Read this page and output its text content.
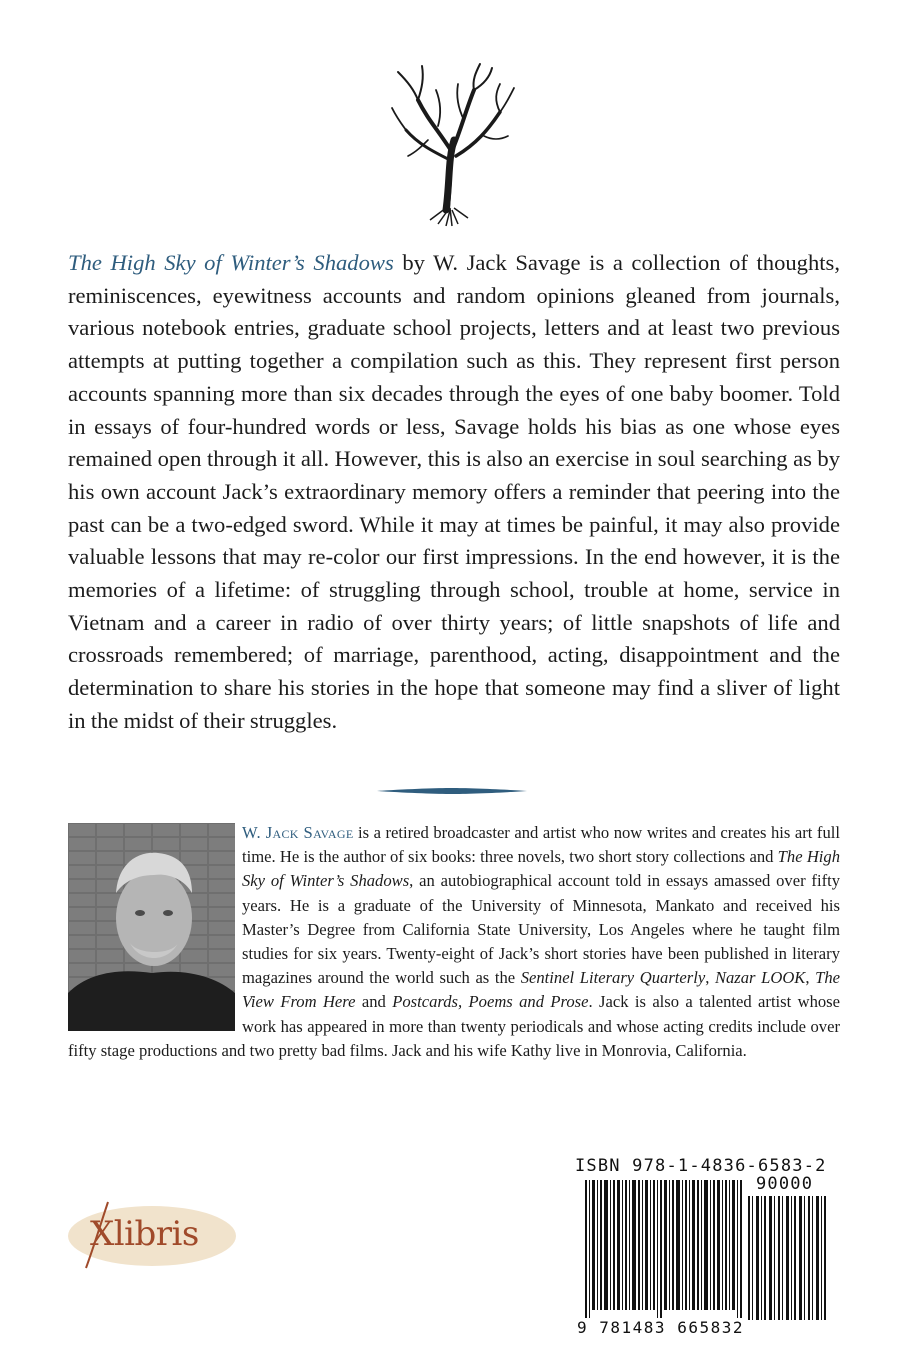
The High Sky of Winter’s Shadows by W. Jack Savage is a collection of thoughts, reminiscences, eyewitness accounts and random opinions gleaned from journals, various notebook entries, graduate school projects, letters and at least two previous attempts at putting together a compilation such as this. They represent first person accounts spanning more than six decades through the eyes of one baby boomer. Told in essays of four-hundred words or less, Savage holds his bias as one whose eyes remained open through it all. However, this is also an exercise in soul searching as by his own account Jack’s extraordinary memory offers a reminder that peering into the past can be a two-edged sword. While it may at times be painful, it may also provide valuable lessons that may re-color our first impressions. In the end however, it is the memories of a lifetime: of struggling through school, trouble at home, service in Vietnam and a career in radio of over thirty years; of little snapshots of life and crossroads remembered; of marriage, parenthood, acting, disappointment and the determination to share his stories in the hope that someone may find a sliver of light in the midst of their struggles.

W. Jack Savage is a retired broadcaster and artist who now writes and creates his art full time. He is the author of six books: three novels, two short story collections and The High Sky of Winter’s Shadows, an autobiographical account told in essays amassed over fifty years. He is a graduate of the University of Minnesota, Mankato and received his Master’s Degree from California State University, Los Angeles where he taught film studies for six years. Twenty-eight of Jack’s short stories have been published in literary magazines around the world such as the Sentinel Literary Quarterly, Nazar LOOK, The View From Here and Postcards, Poems and Prose. Jack is also a talented artist whose work has appeared in more than twenty periodicals and whose acting credits include over fifty stage productions and two pretty bad films. Jack and his wife Kathy live in Monrovia, California.

Xlibris
ISBN 978-1-4836-6583-2
90000
9 781483 665832
